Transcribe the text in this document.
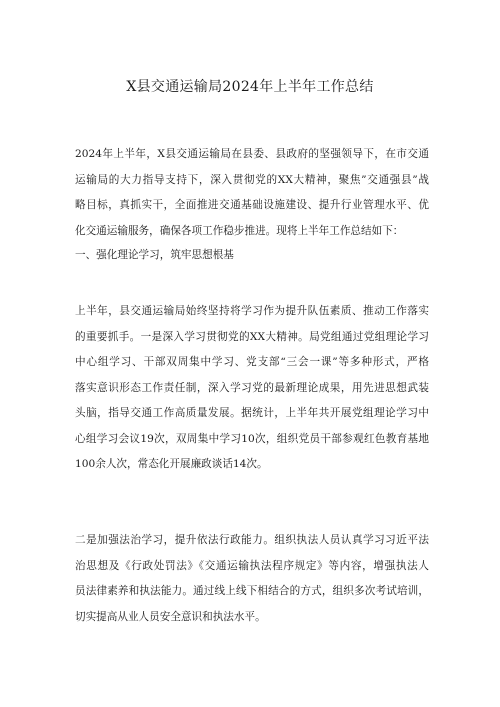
X县交通运输局2024年上半年工作总结
2024年上半年，X县交通运输局在县委、县政府的坚强领导下，在市交通
运输局的大力指导支持下，深入贯彻党的XX大精神，聚焦”交通强县”战
略目标，真抓实干，全面推进交通基础设施建设、提升行业管理水平、优
化交通运输服务，确保各项工作稳步推进。现将上半年工作总结如下：
一、强化理论学习，筑牢思想根基
上半年，县交通运输局始终坚持将学习作为提升队伍素质、推动工作落实
的重要抓手。一是深入学习贯彻党的XX大精神。局党组通过党组理论学习
中心组学习、干部双周集中学习、党支部“三会一课”等多种形式，严格
落实意识形态工作责任制，深入学习党的最新理论成果，用先进思想武装
头脑，指导交通工作高质量发展。据统计，上半年共开展党组理论学习中
心组学习会议19次，双周集中学习10次，组织党员干部参观红色教育基地
100余人次，常态化开展廉政谈话14次。
二是加强法治学习，提升依法行政能力。组织执法人员认真学习习近平法
治思想及《行政处罚法》《交通运输执法程序规定》等内容，增强执法人
员法律素养和执法能力。通过线上线下相结合的方式，组织多次考试培训，
切实提高从业人员安全意识和执法水平。
